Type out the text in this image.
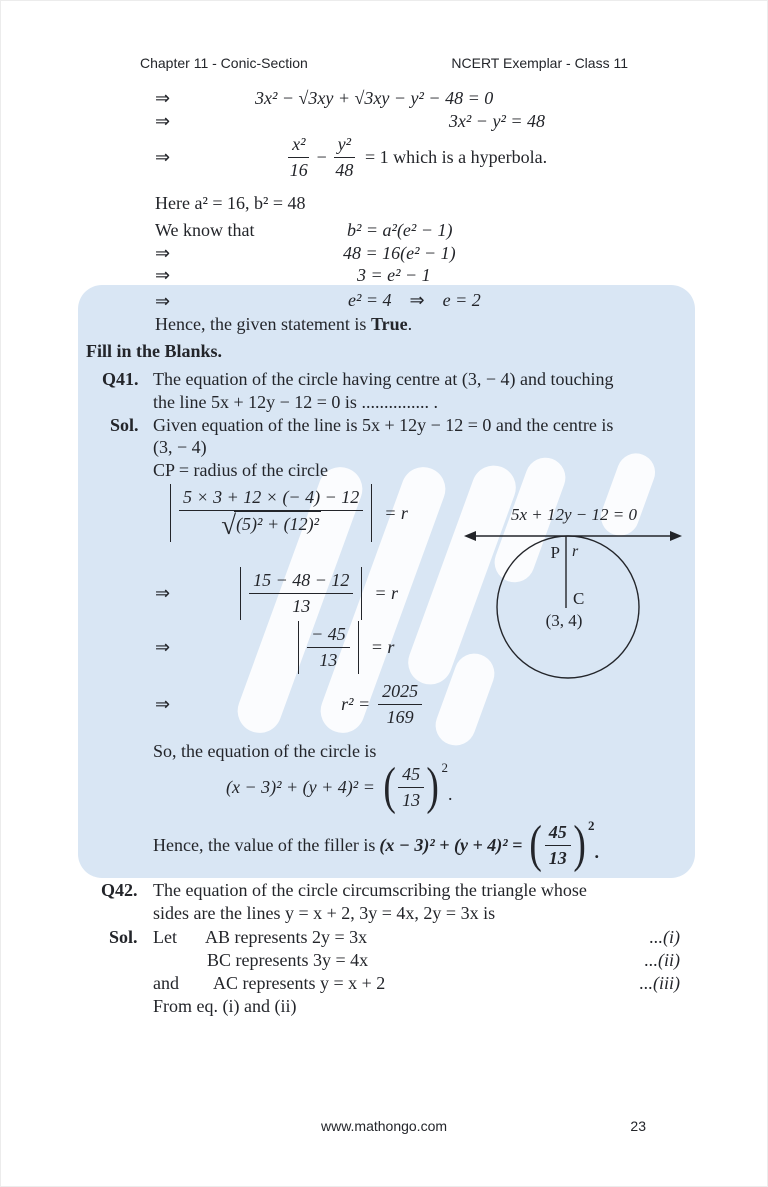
Chapter 11 - Conic-Section	NCERT Exemplar - Class 11
⇒	3x² − √3xy + √3xy − y² − 48 = 0
⇒	3x² − y² = 48
⇒	$\frac{\text{x²}}{16} - \frac{\text{y²}}{48} = 1$ which is a hyperbola.
Here a² = 16, b² = 48
We know that	b² = a²(e² − 1)
⇒	48 = 16(e² − 1)
⇒	3 = e² − 1
⇒	e² = 4 ⇒ e = 2
Hence, the given statement is True.
Fill in the Blanks.
Q41. The equation of the circle having centre at (3, − 4) and touching
the line 5x + 12y − 12 = 0 is ............... .
Sol. Given equation of the line is 5x + 12y − 12 = 0 and the centre is
(3, − 4)
CP = radius of the circle
$\frac{5 \times 3 + 12 \times (- 4) - 12}{\text{√ (5)² + (12)²}} = r$
⇒	$\frac{15 - 48 - 12}{13} = r$
⇒	$\frac{- 45}{13} = r$
⇒	$r^2 = \frac{2025}{169}$
5x + 12y − 12 = 0
P r
C
(3, 4)
So, the equation of the circle is
(x − 3)² + (y + 4)² = ( $\frac{45}{13} )^2$
.
Hence, the value of the filler is (x − 3)² + (y + 4)² = ( $\frac{45}{13} )^2$
.
Q42. The equation of the circle circumscribing the triangle whose
sides are the lines y = x + 2, 3y = 4x, 2y = 3x is
Sol. Let AB represents 2y = 3x	...(i)
BC represents 3y = 4x	...(ii)
and AC represents y = x + 2	...(iii)
From eq. (i) and (ii)
www.mathongo.com	23
